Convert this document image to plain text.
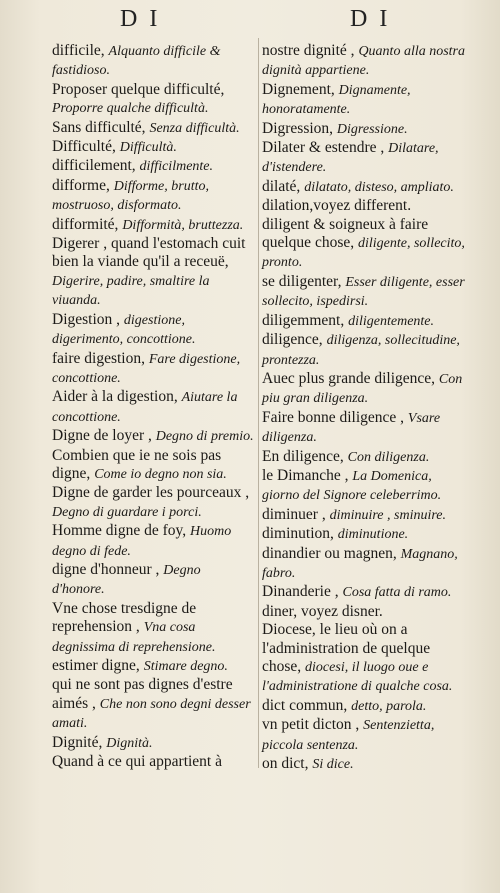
D I	D I
difficile, Alquanto difficile & fastidioso.
Proposer quelque difficulté, Proporre qualche difficultà.
Sans difficulté, Senza difficultà.
Difficulté, Difficultà.
difficilement, difficilmente.
difforme, Difforme, brutto, mostruoso, disformato.
difformité, Difformità, bruttezza.
Digerer , quand l'estomach cuit bien la viande qu'il a receuë, Digerire, padire, smaltire la viuanda.
Digestion , digestione, digerimento, concottione.
faire digestion, Fare digestione, concottione.
Aider à la digestion, Aiutare la concottione.
Digne de loyer , Degno di premio.
Combien que ie ne sois pas digne, Come io degno non sia.
Digne de garder les pourceaux , Degno di guardare i porci.
Homme digne de foy, Huomo degno di fede.
digne d'honneur , Degno d'honore.
Vne chose tresdigne de reprehension , Vna cosa degnissima di reprehensione.
estimer digne, Stimare degno.
qui ne sont pas dignes d'estre aimés , Che non sono degni desser amati.
Dignité, Dignità.
Quand à ce qui appartient à
nostre dignité , Quanto alla nostra dignità appartiene.
Dignement, Dignamente, honoratamente.
Digression, Digressione.
Dilater & estendre , Dilatare, d'istendere.
dilaté, dilatato, disteso, ampliato.
dilation,voyez different.
diligent & soigneux à faire quelque chose, diligente, sollecito, pronto.
se diligenter, Esser diligente, esser sollecito, ispedirsi.
diligemment, diligentemente.
diligence, diligenza, sollecitudine, prontezza.
Auec plus grande diligence, Con piu gran diligenza.
Faire bonne diligence , Vsare diligenza.
En diligence, Con diligenza.
le Dimanche , La Domenica, giorno del Signore celeberrimo.
diminuer , diminuire , sminuire.
diminution, diminutione.
dinandier ou magnen, Magnano, fabro.
Dinanderie , Cosa fatta di ramo.
diner, voyez disner.
Diocese, le lieu où on a l'administration de quelque chose, diocesi, il luogo oue e l'administratione di qualche cosa.
dict commun, detto, parola.
vn petit dicton , Sentenzietta, piccola sentenza.
on dict, Si dice.
